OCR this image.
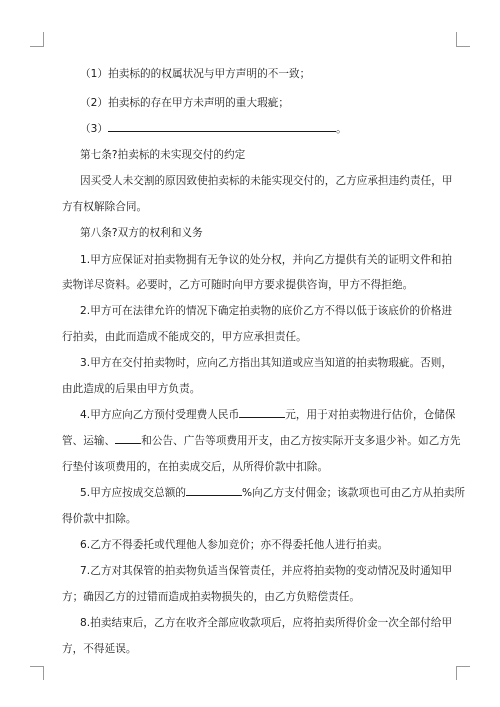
（1）拍卖标的的权属状况与甲方声明的不一致；
（2）拍卖标的存在甲方未声明的重大瑕疵；
（3）	。
第七条?拍卖标的未实现交付的约定
因买受人未交割的原因致使拍卖标的未能实现交付的，乙方应承担违约责任，甲
方有权解除合同。
第八条?双方的权利和义务
1.甲方应保证对拍卖物拥有无争议的处分权，并向乙方提供有关的证明文件和拍
卖物详尽资料。必要时，乙方可随时向甲方要求提供咨询，甲方不得拒绝。
2.甲方可在法律允许的情况下确定拍卖物的底价乙方不得以低于该底价的价格进
行拍卖，由此而造成不能成交的，甲方应承担责任。
3.甲方在交付拍卖物时，应向乙方指出其知道或应当知道的拍卖物瑕疵。否则，
由此造成的后果由甲方负责。
4.甲方应向乙方预付受理费人民币	元，用于对拍卖物进行估价，仓储保
管、运输、 和公告、广告等项费用开支，由乙方按实际开支多退少补。如乙方先
行垫付该项费用的，在拍卖成交后，从所得价款中扣除。
5.甲方应按成交总额的	%向乙方支付佣金；该款项也可由乙方从拍卖所
得价款中扣除。
6.乙方不得委托或代理他人参加竞价；亦不得委托他人进行拍卖。
7.乙方对其保管的拍卖物负适当保管责任，并应将拍卖物的变动情况及时通知甲
方；确因乙方的过错而造成拍卖物损失的，由乙方负赔偿责任。
8.拍卖结束后，乙方在收齐全部应收款项后，应将拍卖所得价金一次全部付给甲
方，不得延误。
